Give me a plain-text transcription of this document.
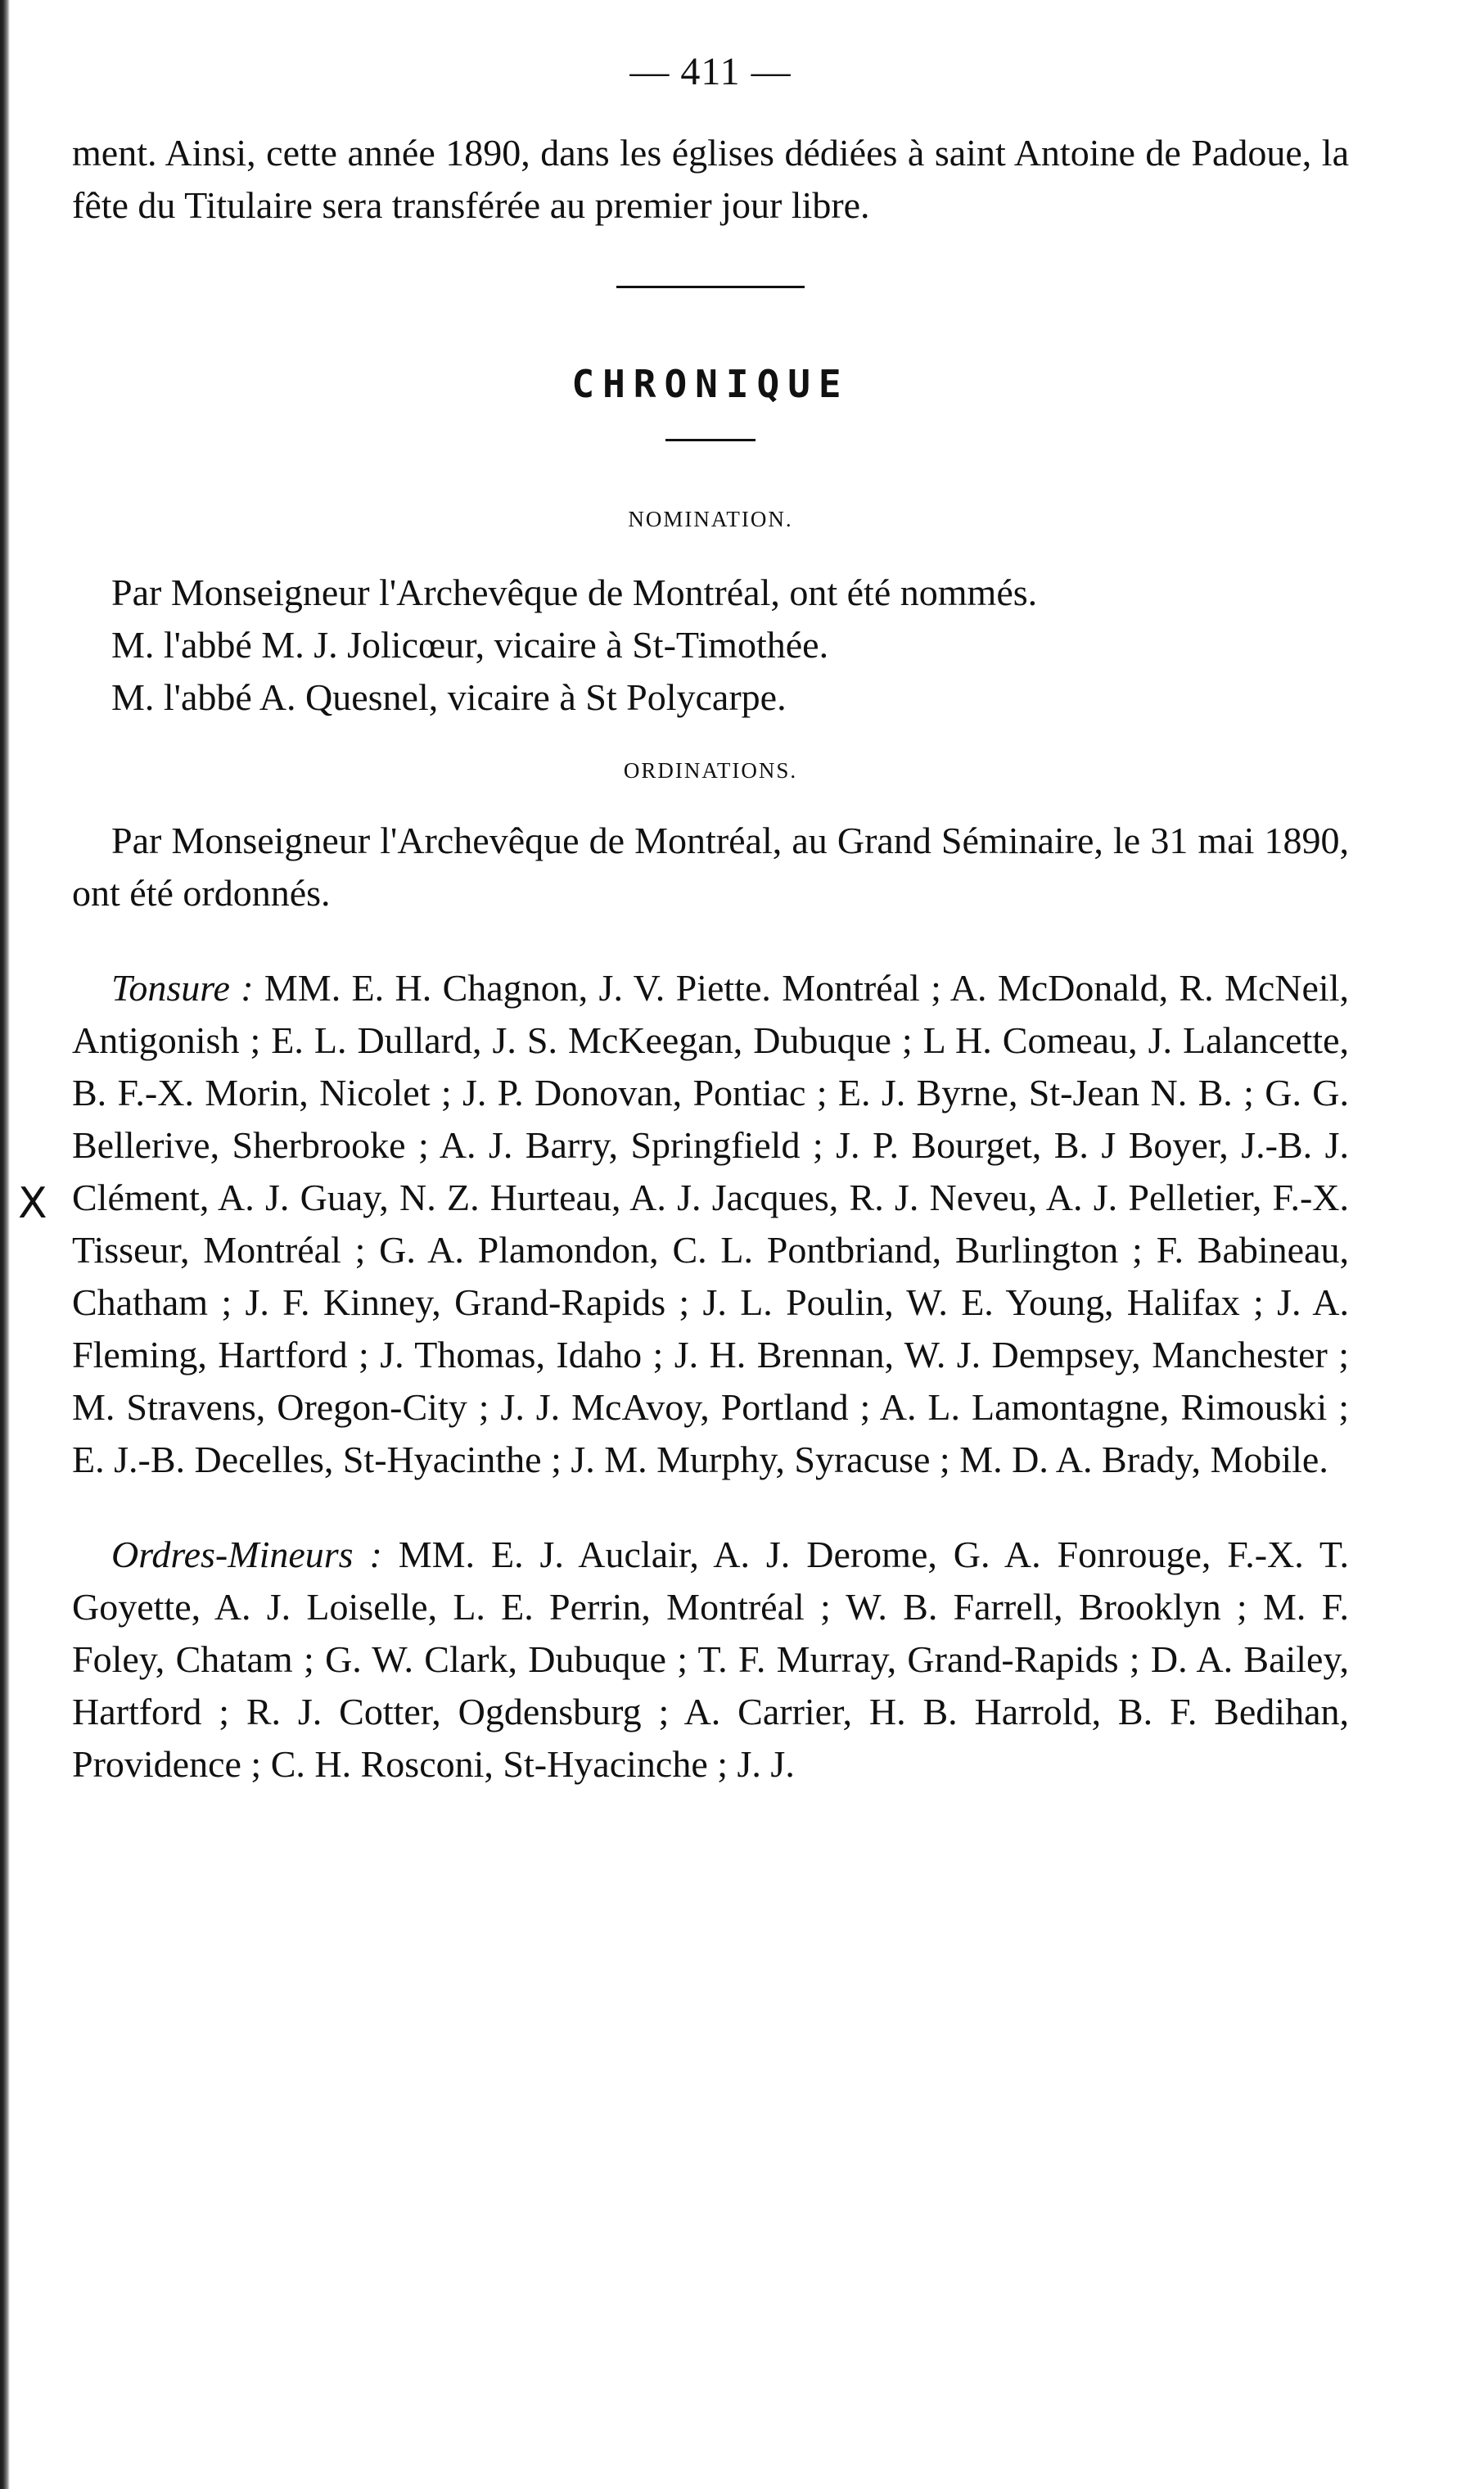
X
— 411 —

ment. Ainsi, cette année 1890, dans les églises dédiées à saint Antoine de Padoue, la fête du Titulaire sera transférée au premier jour libre.

CHRONIQUE
NOMINATION.

Par Monseigneur l'Archevêque de Montréal, ont été nommés.

M. l'abbé M. J. Jolicœur, vicaire à St-Timothée.

M. l'abbé A. Quesnel, vicaire à St Polycarpe.

ORDINATIONS.

Par Monseigneur l'Archevêque de Montréal, au Grand Séminaire, le 31 mai 1890, ont été ordonnés.

Tonsure : MM. E. H. Chagnon, J. V. Piette. Montréal ; A. McDonald, R. McNeil, Antigonish ; E. L. Dullard, J. S. McKeegan, Dubuque ; L H. Comeau, J. Lalancette, B. F.-X. Morin, Nicolet ; J. P. Donovan, Pontiac ; E. J. Byrne, St-Jean N. B. ; G. G. Bellerive, Sherbrooke ; A. J. Barry, Springfield ; J. P. Bourget, B. J Boyer, J.-B. J. Clément, A. J. Guay, N. Z. Hurteau, A. J. Jacques, R. J. Neveu, A. J. Pelletier, F.-X. Tisseur, Montréal ; G. A. Plamondon, C. L. Pontbriand, Burlington ; F. Babineau, Chatham ; J. F. Kinney, Grand-Rapids ; J. L. Poulin, W. E. Young, Halifax ; J. A. Fleming, Hartford ; J. Thomas, Idaho ; J. H. Brennan, W. J. Dempsey, Manchester ; M. Stravens, Oregon-City ; J. J. McAvoy, Portland ; A. L. Lamontagne, Rimouski ; E. J.-B. Decelles, St-Hyacinthe ; J. M. Murphy, Syracuse ; M. D. A. Brady, Mobile.

Ordres-Mineurs : MM. E. J. Auclair, A. J. Derome, G. A. Fonrouge, F.-X. T. Goyette, A. J. Loiselle, L. E. Perrin, Montréal ; W. B. Farrell, Brooklyn ; M. F. Foley, Chatam ; G. W. Clark, Dubuque ; T. F. Murray, Grand-Rapids ; D. A. Bailey, Hartford ; R. J. Cotter, Ogdensburg ; A. Carrier, H. B. Harrold, B. F. Bedihan, Providence ; C. H. Rosconi, St-Hyacinche ; J. J.
